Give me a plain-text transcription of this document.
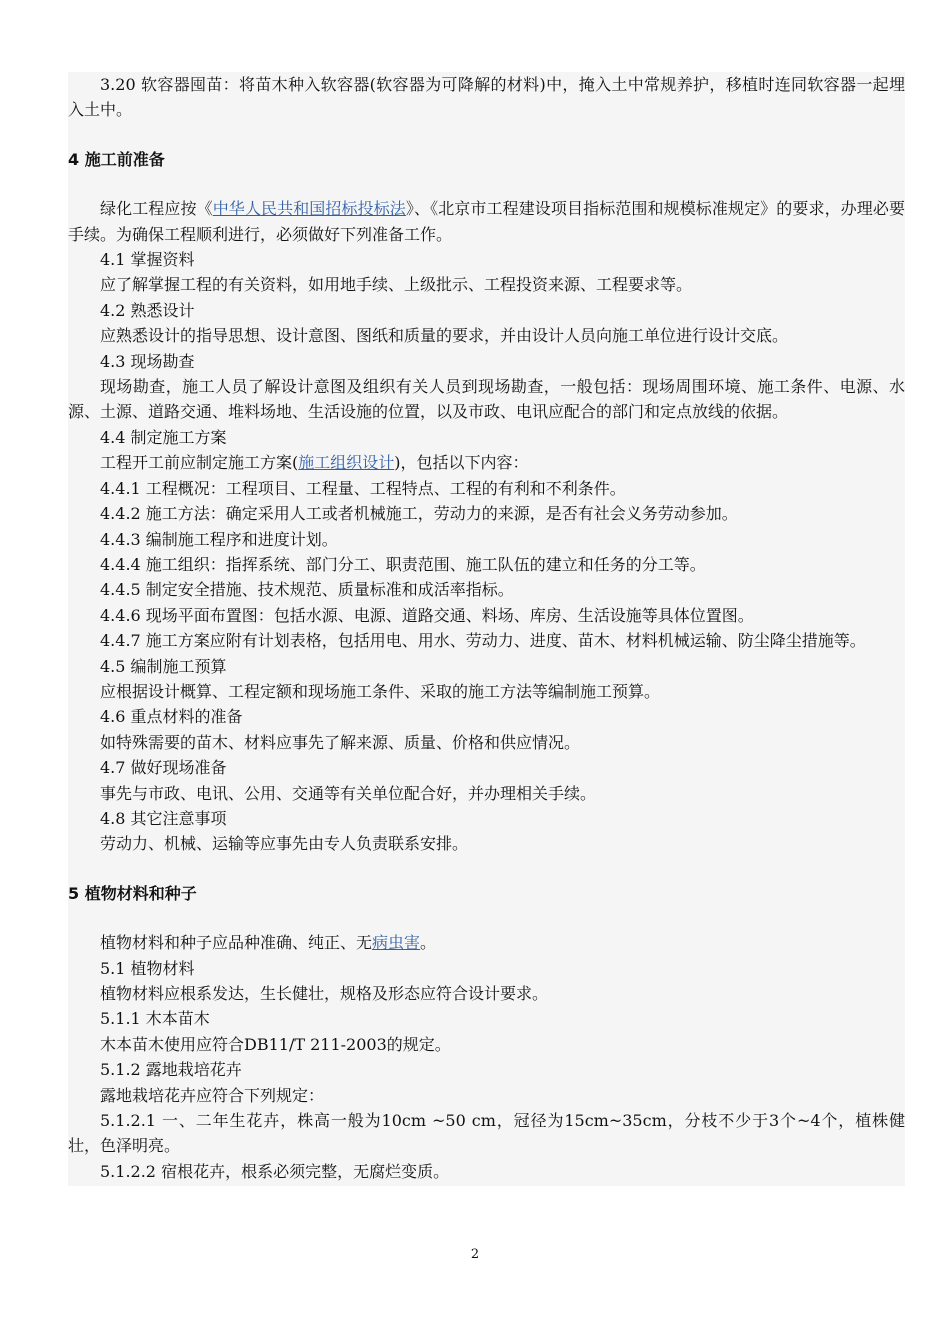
3.20 软容器囤苗：将苗木种入软容器(软容器为可降解的材料)中，掩入土中常规养护，移植时连同软容器一起埋入土中。

4 施工前准备

绿化工程应按《中华人民共和国招标投标法》、《北京市工程建设项目指标范围和规模标准规定》的要求，办理必要手续。为确保工程顺利进行，必须做好下列准备工作。

4.1 掌握资料

应了解掌握工程的有关资料，如用地手续、上级批示、工程投资来源、工程要求等。

4.2 熟悉设计

应熟悉设计的指导思想、设计意图、图纸和质量的要求，并由设计人员向施工单位进行设计交底。

4.3 现场勘查

现场勘查，施工人员了解设计意图及组织有关人员到现场勘查，一般包括：现场周围环境、施工条件、电源、水源、土源、道路交通、堆料场地、生活设施的位置，以及市政、电讯应配合的部门和定点放线的依据。

4.4 制定施工方案

工程开工前应制定施工方案(施工组织设计)，包括以下内容：

4.4.1 工程概况：工程项目、工程量、工程特点、工程的有利和不利条件。

4.4.2 施工方法：确定采用人工或者机械施工，劳动力的来源，是否有社会义务劳动参加。

4.4.3 编制施工程序和进度计划。

4.4.4 施工组织：指挥系统、部门分工、职责范围、施工队伍的建立和任务的分工等。

4.4.5 制定安全措施、技术规范、质量标准和成活率指标。

4.4.6 现场平面布置图：包括水源、电源、道路交通、料场、库房、生活设施等具体位置图。

4.4.7 施工方案应附有计划表格，包括用电、用水、劳动力、进度、苗木、材料机械运输、防尘降尘措施等。

4.5 编制施工预算

应根据设计概算、工程定额和现场施工条件、采取的施工方法等编制施工预算。

4.6 重点材料的准备

如特殊需要的苗木、材料应事先了解来源、质量、价格和供应情况。

4.7 做好现场准备

事先与市政、电讯、公用、交通等有关单位配合好，并办理相关手续。

4.8 其它注意事项

劳动力、机械、运输等应事先由专人负责联系安排。

5 植物材料和种子

植物材料和种子应品种准确、纯正、无病虫害。

5.1 植物材料

植物材料应根系发达，生长健壮，规格及形态应符合设计要求。

5.1.1 木本苗木

木本苗木使用应符合DB11/T 211-2003的规定。

5.1.2 露地栽培花卉

露地栽培花卉应符合下列规定：

5.1.2.1 一、二年生花卉，株高一般为10cm ~50 cm，冠径为15cm~35cm，分枝不少于3个~4个，植株健壮，色泽明亮。

5.1.2.2 宿根花卉，根系必须完整，无腐烂变质。

2
